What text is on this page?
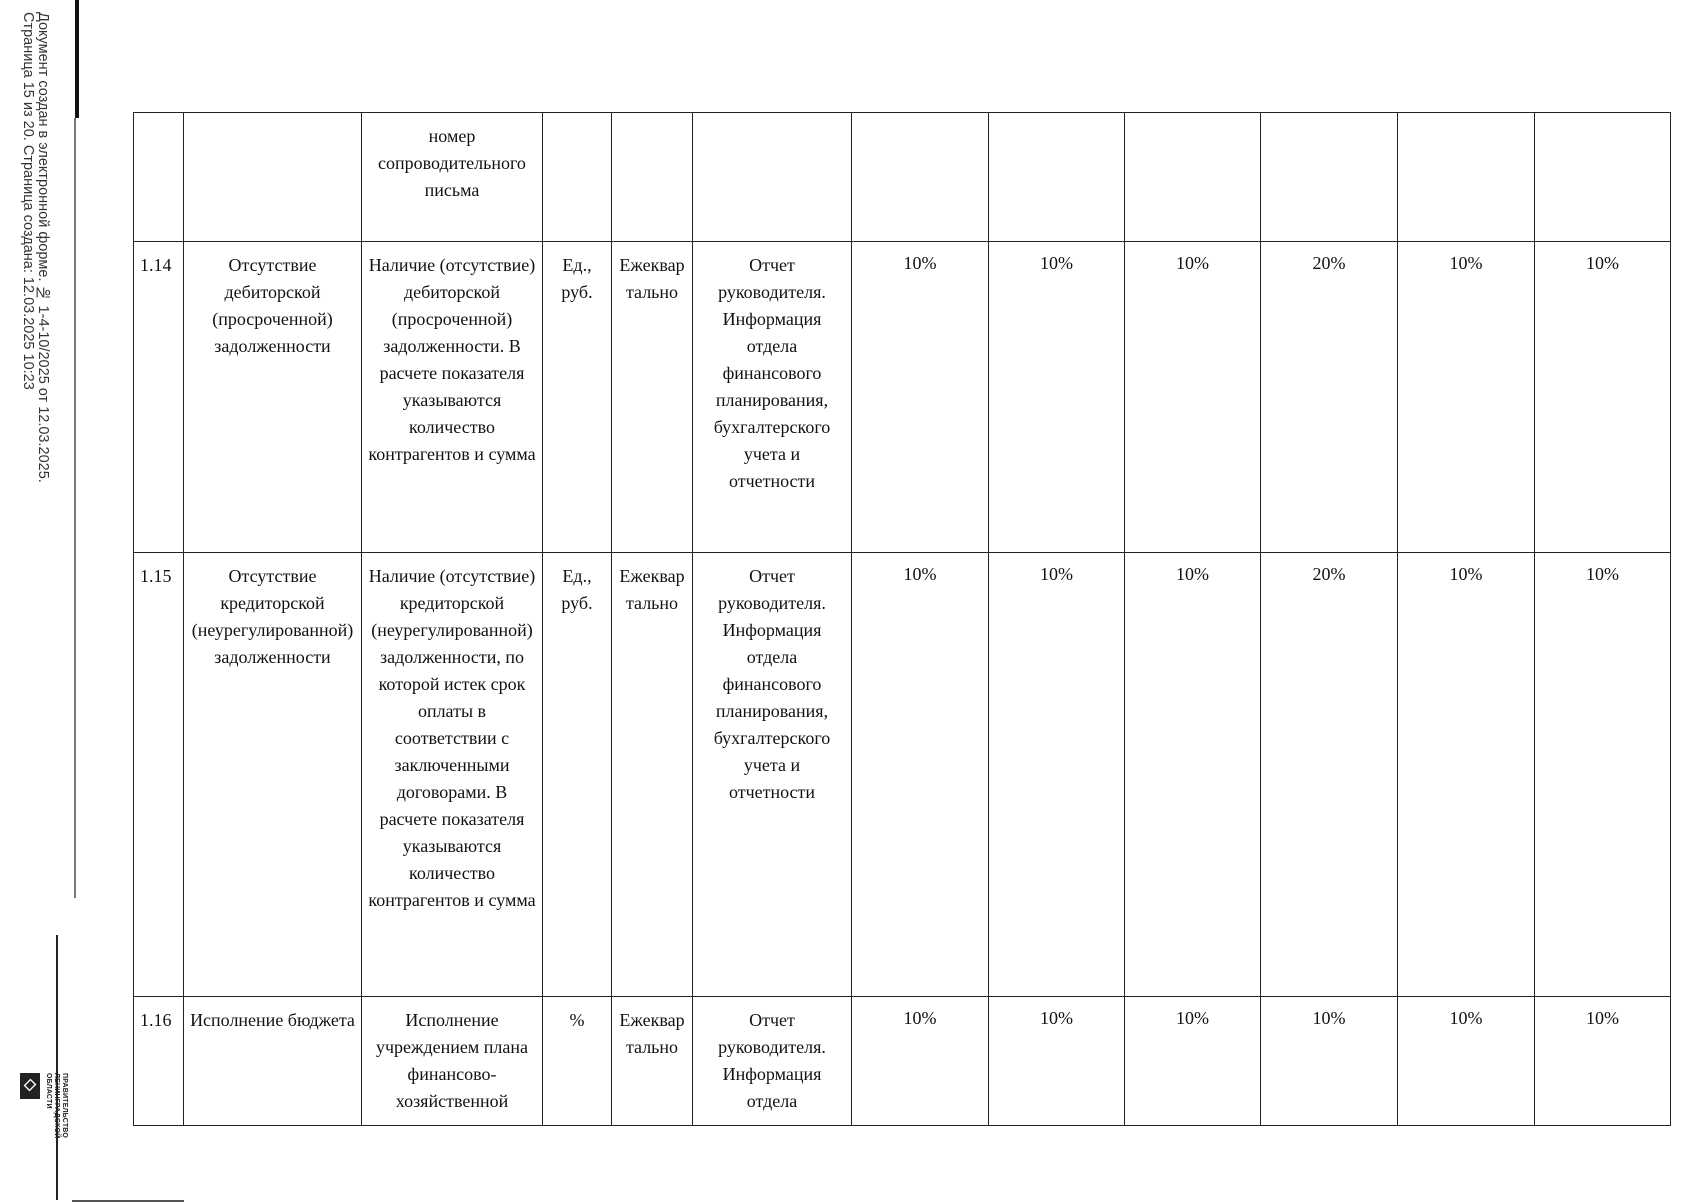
Документ создан в электронной форме. № 1-4-10/2025 от 12.03.2025.
Страница 15 из 20. Страница создана: 12.03.2025 10:23
ПРАВИТЕЛЬСТВО
ЛЕНИНГРАДСКОЙ
ОБЛАСТИ
		номер сопроводительного письма									
1.14	Отсутствие дебиторской (просроченной) задолженности	Наличие (отсутствие) дебиторской (просроченной) задолженности. В расчете показателя указываются количество контрагентов и сумма	Ед., руб.	Ежеквартально	Отчет руководителя. Информация отдела финансового планирования, бухгалтерского учета и отчетности	10%	10%	10%	20%	10%	10%
1.15	Отсутствие кредиторской (неурегулированной) задолженности	Наличие (отсутствие) кредиторской (неурегулированной) задолженности, по которой истек срок оплаты в соответствии с заключенными договорами. В расчете показателя указываются количество контрагентов и сумма	Ед., руб.	Ежеквартально	Отчет руководителя. Информация отдела финансового планирования, бухгалтерского учета и отчетности	10%	10%	10%	20%	10%	10%
1.16	Исполнение бюджета	Исполнение учреждением плана финансово-хозяйственной	%	Ежеквартально	Отчет руководителя. Информация отдела	10%	10%	10%	10%	10%	10%
